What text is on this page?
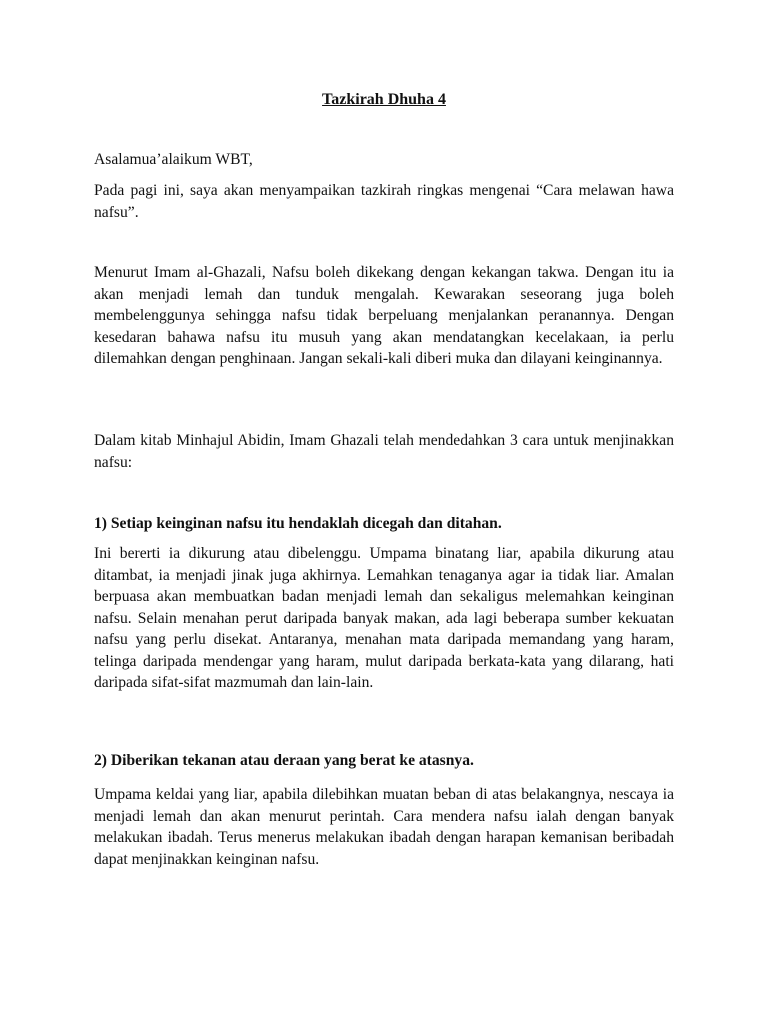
Tazkirah Dhuha 4

Asalamua’alaikum WBT,

Pada pagi ini, saya akan menyampaikan tazkirah ringkas mengenai “Cara melawan hawa nafsu”.

Menurut Imam al-Ghazali, Nafsu boleh dikekang dengan kekangan takwa. Dengan itu ia akan menjadi lemah dan tunduk mengalah. Kewarakan seseorang juga boleh membelenggunya sehingga nafsu tidak berpeluang menjalankan peranannya. Dengan kesedaran bahawa nafsu itu musuh yang akan mendatangkan kecelakaan, ia perlu dilemahkan dengan penghinaan. Jangan sekali-kali diberi muka dan dilayani keinginannya.

Dalam kitab Minhajul Abidin, Imam Ghazali telah mendedahkan 3 cara untuk menjinakkan nafsu:

1) Setiap keinginan nafsu itu hendaklah dicegah dan ditahan.

Ini bererti ia dikurung atau dibelenggu. Umpama binatang liar, apabila dikurung atau ditambat, ia menjadi jinak juga akhirnya. Lemahkan tenaganya agar ia tidak liar. Amalan berpuasa akan membuatkan badan menjadi lemah dan sekaligus melemahkan keinginan nafsu. Selain menahan perut daripada banyak makan, ada lagi beberapa sumber kekuatan nafsu yang perlu disekat. Antaranya, menahan mata daripada memandang yang haram, telinga daripada mendengar yang haram, mulut daripada berkata-kata yang dilarang, hati daripada sifat-sifat mazmumah dan lain-lain.

2) Diberikan tekanan atau deraan yang berat ke atasnya.

Umpama keldai yang liar, apabila dilebihkan muatan beban di atas belakangnya, nescaya ia menjadi lemah dan akan menurut perintah. Cara mendera nafsu ialah dengan banyak melakukan ibadah. Terus menerus melakukan ibadah dengan harapan kemanisan beribadah dapat menjinakkan keinginan nafsu.
